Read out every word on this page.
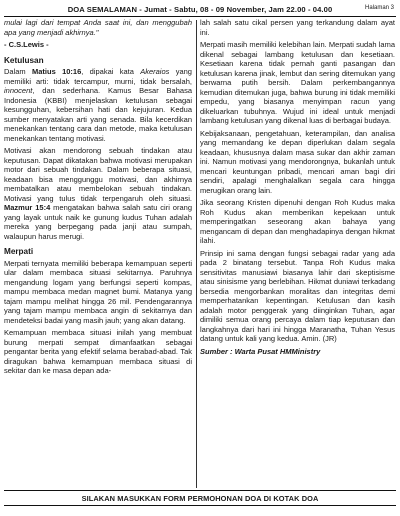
DOA SEMALAMAN - Jumat - Sabtu, 08 - 09 November, Jam 22.00 - 04.00	Halaman 3

mulai lagi dari tempat Anda saat ini, dan menggubah apa yang menjadi akhirnya."

- C.S.Lewis -

Ketulusan

Dalam Matius 10:16, dipakai kata Akeraios yang memiliki arti: tidak tercampur, murni, tidak bersalah, innocent, dan sederhana. Kamus Besar Bahasa Indonesia (KBBI) menjelaskan ketulusan sebagai kesungguhan, kebersihan hati dan kejujuran. Kedua sumber menyatakan arti yang senada. Bila kecerdikan menekankan tentang cara dan metode, maka ketulusan menekankan tentang motivasi.

Motivasi akan mendorong sebuah tindakan atau keputusan. Dapat dikatakan bahwa motivasi merupakan motor dari sebuah tindakan. Dalam beberapa situasi, keadaan bisa menggunggu motivasi, dan akhirnya membatalkan atau membelokan sebuah tindakan. Motivasi yang tulus tidak terpengaruh oleh situasi. Mazmur 15:4 mengatakan bahwa salah satu ciri orang yang layak untuk naik ke gunung kudus Tuhan adalah mereka yang berpegang pada janji atau sumpah, walaupun harus merugi.

Merpati

Merpati ternyata memiliki beberapa kemampuan seperti ular dalam membaca situasi sekitarnya. Paruhnya mengandung logam yang berfungsi seperti kompas, mampu membaca medan magnet bumi. Matanya yang tajam mampu melihat hingga 26 mil. Pendengarannya yang tajam mampu membaca angin di sekitarnya dan mendeteksi badai yang masih jauh; yang akan datang.

Kemampuan membaca situasi inilah yang membuat burung merpati sempat dimanfaatkan sebagai pengantar berita yang efektif selama berabad-abad. Tak diragukan bahwa kemampuan membaca situasi di sekitar dan ke masa depan ada-

lah salah satu cikal persen yang terkandung dalam ayat ini.

Merpati masih memiliki kelebihan lain. Merpati sudah lama dikenal sebagai lambang ketulusan dan kesetiaan. Kesetiaan karena tidak pernah ganti pasangan dan ketulusan karena jinak, lembut dan sering ditemukan yang berwarna putih bersih. Dalam perkembangannya kemudian ditemukan juga, bahwa burung ini tidak memiliki empedu, yang biasanya menyimpan racun yang dikeluarkan tubuhnya. Wujud ini ideal untuk menjadi lambang ketulusan yang dikenal luas di berbagai budaya.

Kebijaksanaan, pengetahuan, keterampilan, dan analisa yang memandang ke depan diperlukan dalam segala keadaan, khususnya dalam masa sukar dan akhir zaman ini. Namun motivasi yang mendorongnya, bukanlah untuk mencari keuntungan pribadi, mencari aman bagi diri sendiri, apalagi menghalalkan segala cara hingga merugikan orang lain.

Jika seorang Kristen dipenuhi dengan Roh Kudus maka Roh Kudus akan memberikan kepekaan untuk memperingatkan seseorang akan bahaya yang mengancam di depan dan menghadapinya dengan hikmat ilahi.

Prinsip ini sama dengan fungsi sebagai radar yang ada pada 2 binatang tersebut. Tanpa Roh Kudus maka sensitivitas manusiawi biasanya lahir dari skeptisisme atau sinisisme yang berlebihan. Hikmat duniawi terkadang bersedia mengorbankan moralitas dan integritas demi memperhatankan kepentingan. Ketulusan dan kasih adalah motor penggerak yang diinginkan Tuhan, agar dimiliki semua orang percaya dalam tiap keputusan dan langkahnya dari hari ini hingga Maranatha, Tuhan Yesus datang untuk kali yang kedua. Amin. (JR)

Sumber : Warta Pusat HMMinistry

SILAKAN MASUKKAN FORM PERMOHONAN DOA DI KOTAK DOA
